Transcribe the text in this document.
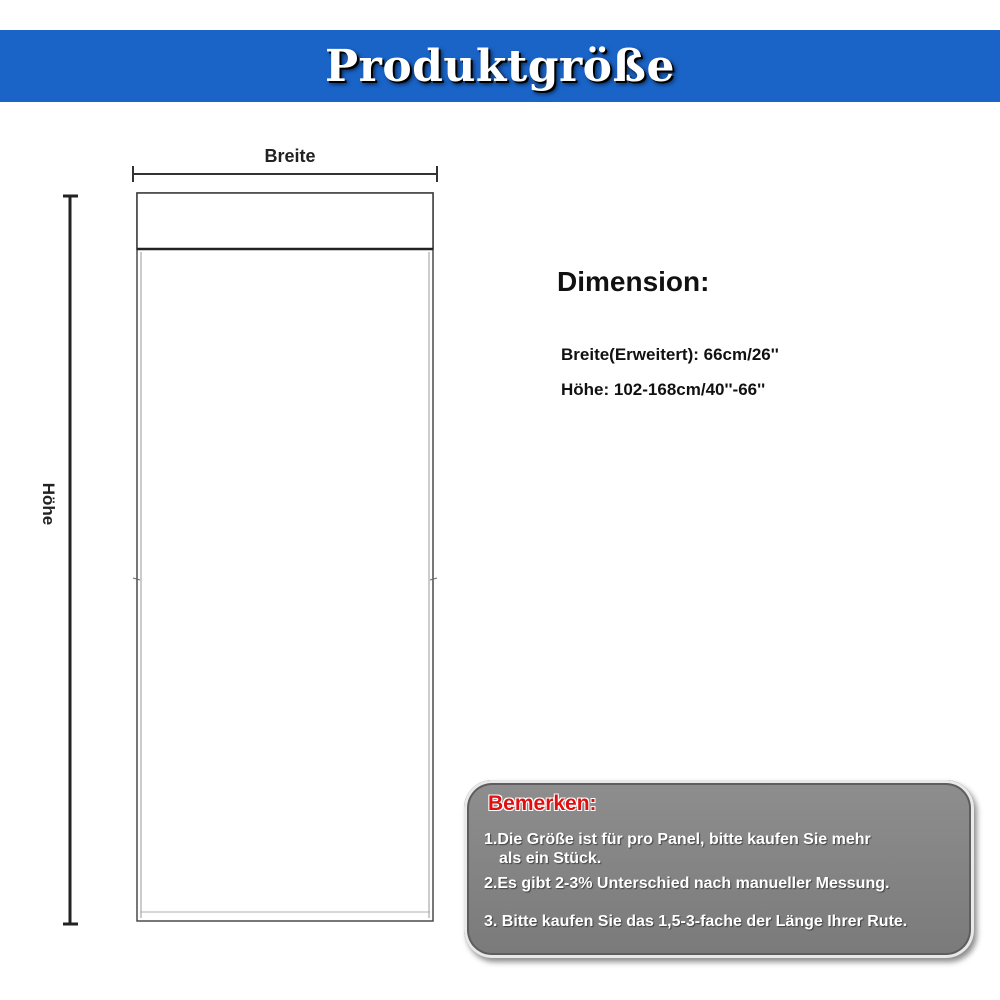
Produktgröße
Breite
Höhe
Dimension:
Breite(Erweitert): 66cm/26''
Höhe: 102-168cm/40''-66''
Bemerken:
1.Die Größe ist für pro Panel, bitte kaufen Sie mehr
als ein Stück.
2.Es gibt 2-3% Unterschied nach manueller Messung.
3. Bitte kaufen Sie das 1,5-3-fache der Länge Ihrer Rute.
